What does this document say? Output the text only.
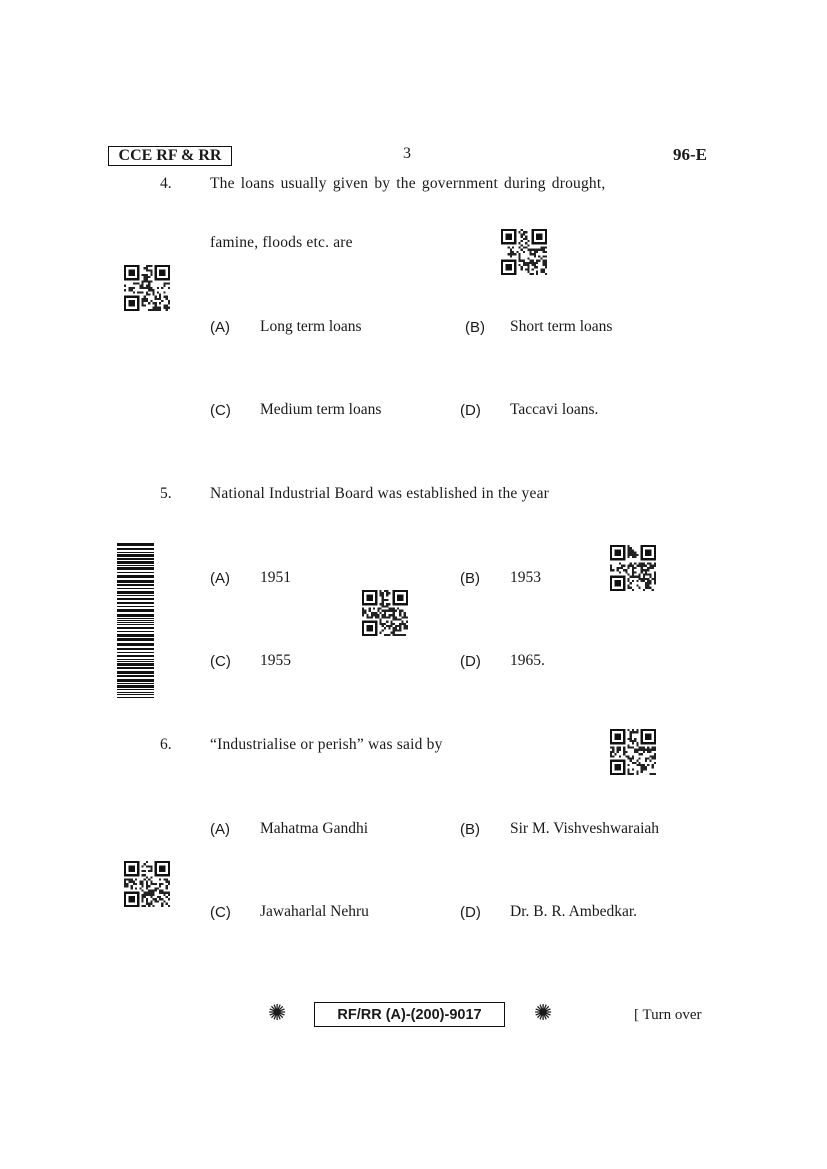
CCE RF & RR	3	96-E
4. The loans usually given by the government during drought,
famine, floods etc. are
(A) Long term loans	(B) Short term loans
(C) Medium term loans	(D) Taccavi loans.
5. National Industrial Board was established in the year
(A) 1951	(B) 1953
(C) 1955	(D) 1965.
6. “Industrialise or perish” was said by
(A) Mahatma Gandhi	(B) Sir M. Vishveshwaraiah
(C) Jawaharlal Nehru	(D) Dr. B. R. Ambedkar.
✺	RF/RR (A)-(200)-9017	✺	[ Turn over
